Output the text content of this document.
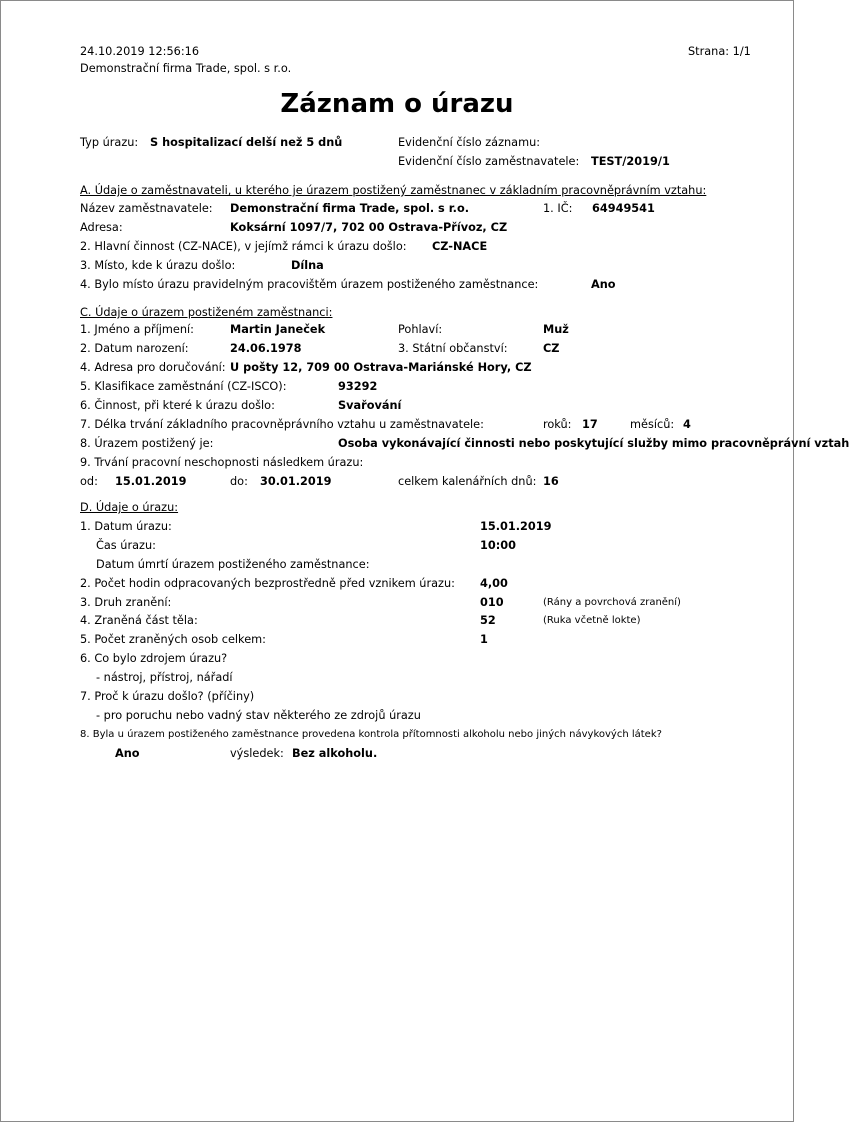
24.10.2019 12:56:16
Demonstrační firma Trade, spol. s r.o.
Strana: 1/1
Záznam o úrazu
Typ úrazu: S hospitalizací delší než 5 dnů	Evidenční číslo záznamu:
Evidenční číslo zaměstnavatele: TEST/2019/1
A. Údaje o zaměstnavateli, u kterého je úrazem postižený zaměstnanec v základním pracovněprávním vztahu:
Název zaměstnavatele: Demonstrační firma Trade, spol. s r.o.	1. IČ: 64949541
Adresa:	Koksární 1097/7, 702 00 Ostrava-Přívoz, CZ
2. Hlavní činnost (CZ-NACE), v jejímž rámci k úrazu došlo: CZ-NACE
3. Místo, kde k úrazu došlo:	Dílna
4. Bylo místo úrazu pravidelným pracovištěm úrazem postiženého zaměstnance:	Ano
C. Údaje o úrazem postiženém zaměstnanci:
1. Jméno a příjmení:	Martin Janeček	Pohlaví:	Muž
2. Datum narození:	24.06.1978	3. Státní občanství:	CZ
4. Adresa pro doručování: U pošty 12, 709 00 Ostrava-Mariánské Hory, CZ
5. Klasifikace zaměstnání (CZ-ISCO):	93292
6. Činnost, při které k úrazu došlo:	Svařování
7. Délka trvání základního pracovněprávního vztahu u zaměstnavatele:	roků: 17	měsíců: 4
8. Úrazem postižený je:	Osoba vykonávající činnosti nebo poskytující služby mimo pracovněprávní vztah
9. Trvání pracovní neschopnosti následkem úrazu:
od: 15.01.2019	do: 30.01.2019	celkem kalenářních dnů: 16
D. Údaje o úrazu:
1. Datum úrazu:	15.01.2019
Čas úrazu:	10:00
Datum úmrtí úrazem postiženého zaměstnance:
2. Počet hodin odpracovaných bezprostředně před vznikem úrazu: 4,00
3. Druh zranění:	010	(Rány a povrchová zranění)
4. Zraněná část těla:	52	(Ruka včetně lokte)
5. Počet zraněných osob celkem:	1
6. Co bylo zdrojem úrazu?
- nástroj, přístroj, nářadí
7. Proč k úrazu došlo? (příčiny)
- pro poruchu nebo vadný stav některého ze zdrojů úrazu
8. Byla u úrazem postiženého zaměstnance provedena kontrola přítomnosti alkoholu nebo jiných návykových látek?
Ano	výsledek: Bez alkoholu.
